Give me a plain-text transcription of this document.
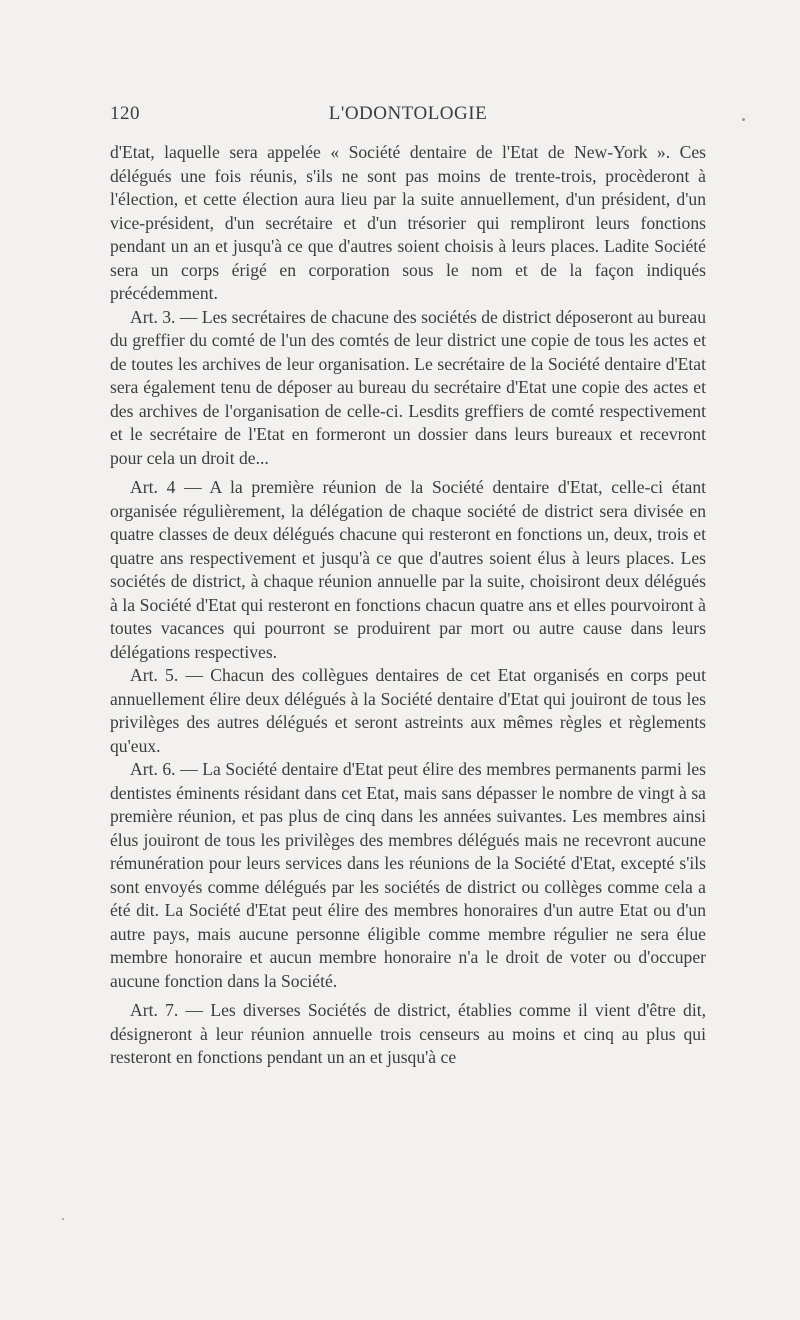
120	L'ODONTOLOGIE

d'Etat, laquelle sera appelée « Société dentaire de l'Etat de New-York ». Ces délégués une fois réunis, s'ils ne sont pas moins de trente-trois, procèderont à l'élection, et cette élection aura lieu par la suite annuellement, d'un président, d'un vice-président, d'un secrétaire et d'un trésorier qui rempliront leurs fonctions pendant un an et jusqu'à ce que d'autres soient choisis à leurs places. Ladite Société sera un corps érigé en corporation sous le nom et de la façon indiqués précédemment.

Art. 3. — Les secrétaires de chacune des sociétés de district déposeront au bureau du greffier du comté de l'un des comtés de leur district une copie de tous les actes et de toutes les archives de leur organisation. Le secrétaire de la Société dentaire d'Etat sera également tenu de déposer au bureau du secrétaire d'Etat une copie des actes et des archives de l'organisation de celle-ci. Lesdits greffiers de comté respectivement et le secrétaire de l'Etat en formeront un dossier dans leurs bureaux et recevront pour cela un droit de...

Art. 4 — A la première réunion de la Société dentaire d'Etat, celle-ci étant organisée régulièrement, la délégation de chaque société de district sera divisée en quatre classes de deux délégués chacune qui resteront en fonctions un, deux, trois et quatre ans respectivement et jusqu'à ce que d'autres soient élus à leurs places. Les sociétés de district, à chaque réunion annuelle par la suite, choisiront deux délégués à la Société d'Etat qui resteront en fonctions chacun quatre ans et elles pourvoiront à toutes vacances qui pourront se produirent par mort ou autre cause dans leurs délégations respectives.

Art. 5. — Chacun des collègues dentaires de cet Etat organisés en corps peut annuellement élire deux délégués à la Société dentaire d'Etat qui jouiront de tous les privilèges des autres délégués et seront astreints aux mêmes règles et règlements qu'eux.

Art. 6. — La Société dentaire d'Etat peut élire des membres permanents parmi les dentistes éminents résidant dans cet Etat, mais sans dépasser le nombre de vingt à sa première réunion, et pas plus de cinq dans les années suivantes. Les membres ainsi élus jouiront de tous les privilèges des membres délégués mais ne recevront aucune rémunération pour leurs services dans les réunions de la Société d'Etat, excepté s'ils sont envoyés comme délégués par les sociétés de district ou collèges comme cela a été dit. La Société d'Etat peut élire des membres honoraires d'un autre Etat ou d'un autre pays, mais aucune personne éligible comme membre régulier ne sera élue membre honoraire et aucun membre honoraire n'a le droit de voter ou d'occuper aucune fonction dans la Société.

Art. 7. — Les diverses Sociétés de district, établies comme il vient d'être dit, désigneront à leur réunion annuelle trois censeurs au moins et cinq au plus qui resteront en fonctions pendant un an et jusqu'à ce
